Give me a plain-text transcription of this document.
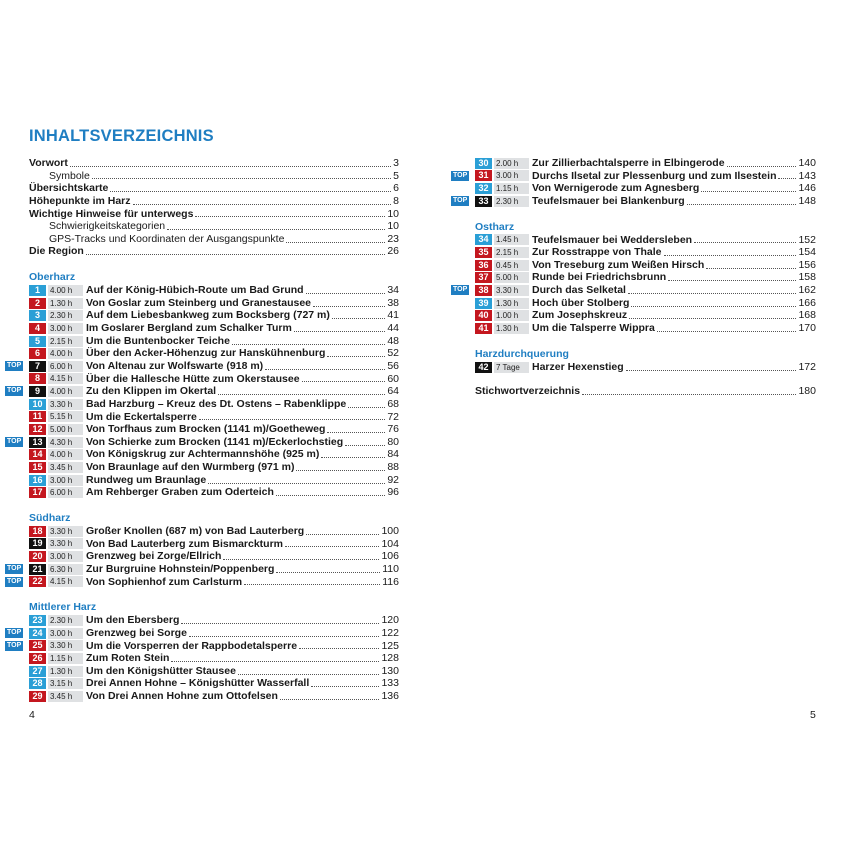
INHALTSVERZEICHNIS
Vorwort	3
Symbole	5
Übersichtskarte	6
Höhepunkte im Harz	8
Wichtige Hinweise für unterwegs	10
Schwierigkeitskategorien	10
GPS-Tracks und Koordinaten der Ausgangspunkte	23
Die Region	26
Oberharz
1	4.00 h	Auf der König-Hübich-Route um Bad Grund	34
2	1.30 h	Von Goslar zum Steinberg und Granestausee	38
3	2.30 h	Auf dem Liebesbankweg zum Bocksberg (727 m)	41
4	3.00 h	Im Goslarer Bergland zum Schalker Turm	44
5	2.15 h	Um die Buntenbocker Teiche	48
6	4.00 h	Über den Acker-Höhenzug zur Hanskühnenburg	52
TOP	7	6.00 h	Von Altenau zur Wolfswarte (918 m)	56
8	4.15 h	Über die Hallesche Hütte zum Okerstausee	60
TOP	9	4.00 h	Zu den Klippen im Okertal	64
10 3.30 h	Bad Harzburg – Kreuz des Dt. Ostens – Rabenklippe	68
11 5.15 h	Um die Eckertalsperre	72
12 5.00 h	Von Torfhaus zum Brocken (1141 m)/Goetheweg	76
TOP	13 4.30 h	Von Schierke zum Brocken (1141 m)/Eckerlochstieg	80
14 4.00 h	Von Königskrug zur Achtermannshöhe (925 m)	84
15 3.45 h	Von Braunlage auf den Wurmberg (971 m)	88
16 3.00 h	Rundweg um Braunlage	92
17 6.00 h	Am Rehberger Graben zum Oderteich	96
Südharz
18 3.30 h	Großer Knollen (687 m) von Bad Lauterberg	100
19 3.30 h	Von Bad Lauterberg zum Bismarckturm	104
20 3.00 h	Grenzweg bei Zorge/Ellrich	106
TOP	21 6.30 h	Zur Burgruine Hohnstein/Poppenberg	110
TOP	22 4.15 h	Von Sophienhof zum Carlsturm	116
Mittlerer Harz
23 2.30 h	Um den Ebersberg	120
TOP	24 3.00 h	Grenzweg bei Sorge	122
TOP	25 3.30 h	Um die Vorsperren der Rappbodetalsperre	125
26 1.15 h	Zum Roten Stein	128
27 1.30 h	Um den Königshütter Stausee	130
28 3.15 h	Drei Annen Hohne – Königshütter Wasserfall	133
29 3.45 h	Von Drei Annen Hohne zum Ottofelsen	136
30 2.00 h	Zur Zillierbachtalsperre in Elbingerode	140
TOP	31 3.00 h	Durchs Ilsetal zur Plessenburg und zum Ilsestein 143
32 1.15 h	Von Wernigerode zum Agnesberg	146
TOP	33 2.30 h	Teufelsmauer bei Blankenburg	148
Ostharz
34 1.45 h	Teufelsmauer bei Weddersleben	152
35 2.15 h	Zur Rosstrappe von Thale	154
36 0.45 h	Von Treseburg zum Weißen Hirsch	156
37 5.00 h	Runde bei Friedrichsbrunn	158
TOP	38 3.30 h	Durch das Selketal	162
39 1.30 h	Hoch über Stolberg	166
40 1.00 h	Zum Josephskreuz	168
41 1.30 h	Um die Talsperre Wippra	170
Harzdurchquerung
42 7 Tage	Harzer Hexenstieg	172
Stichwortverzeichnis	180
4	5
